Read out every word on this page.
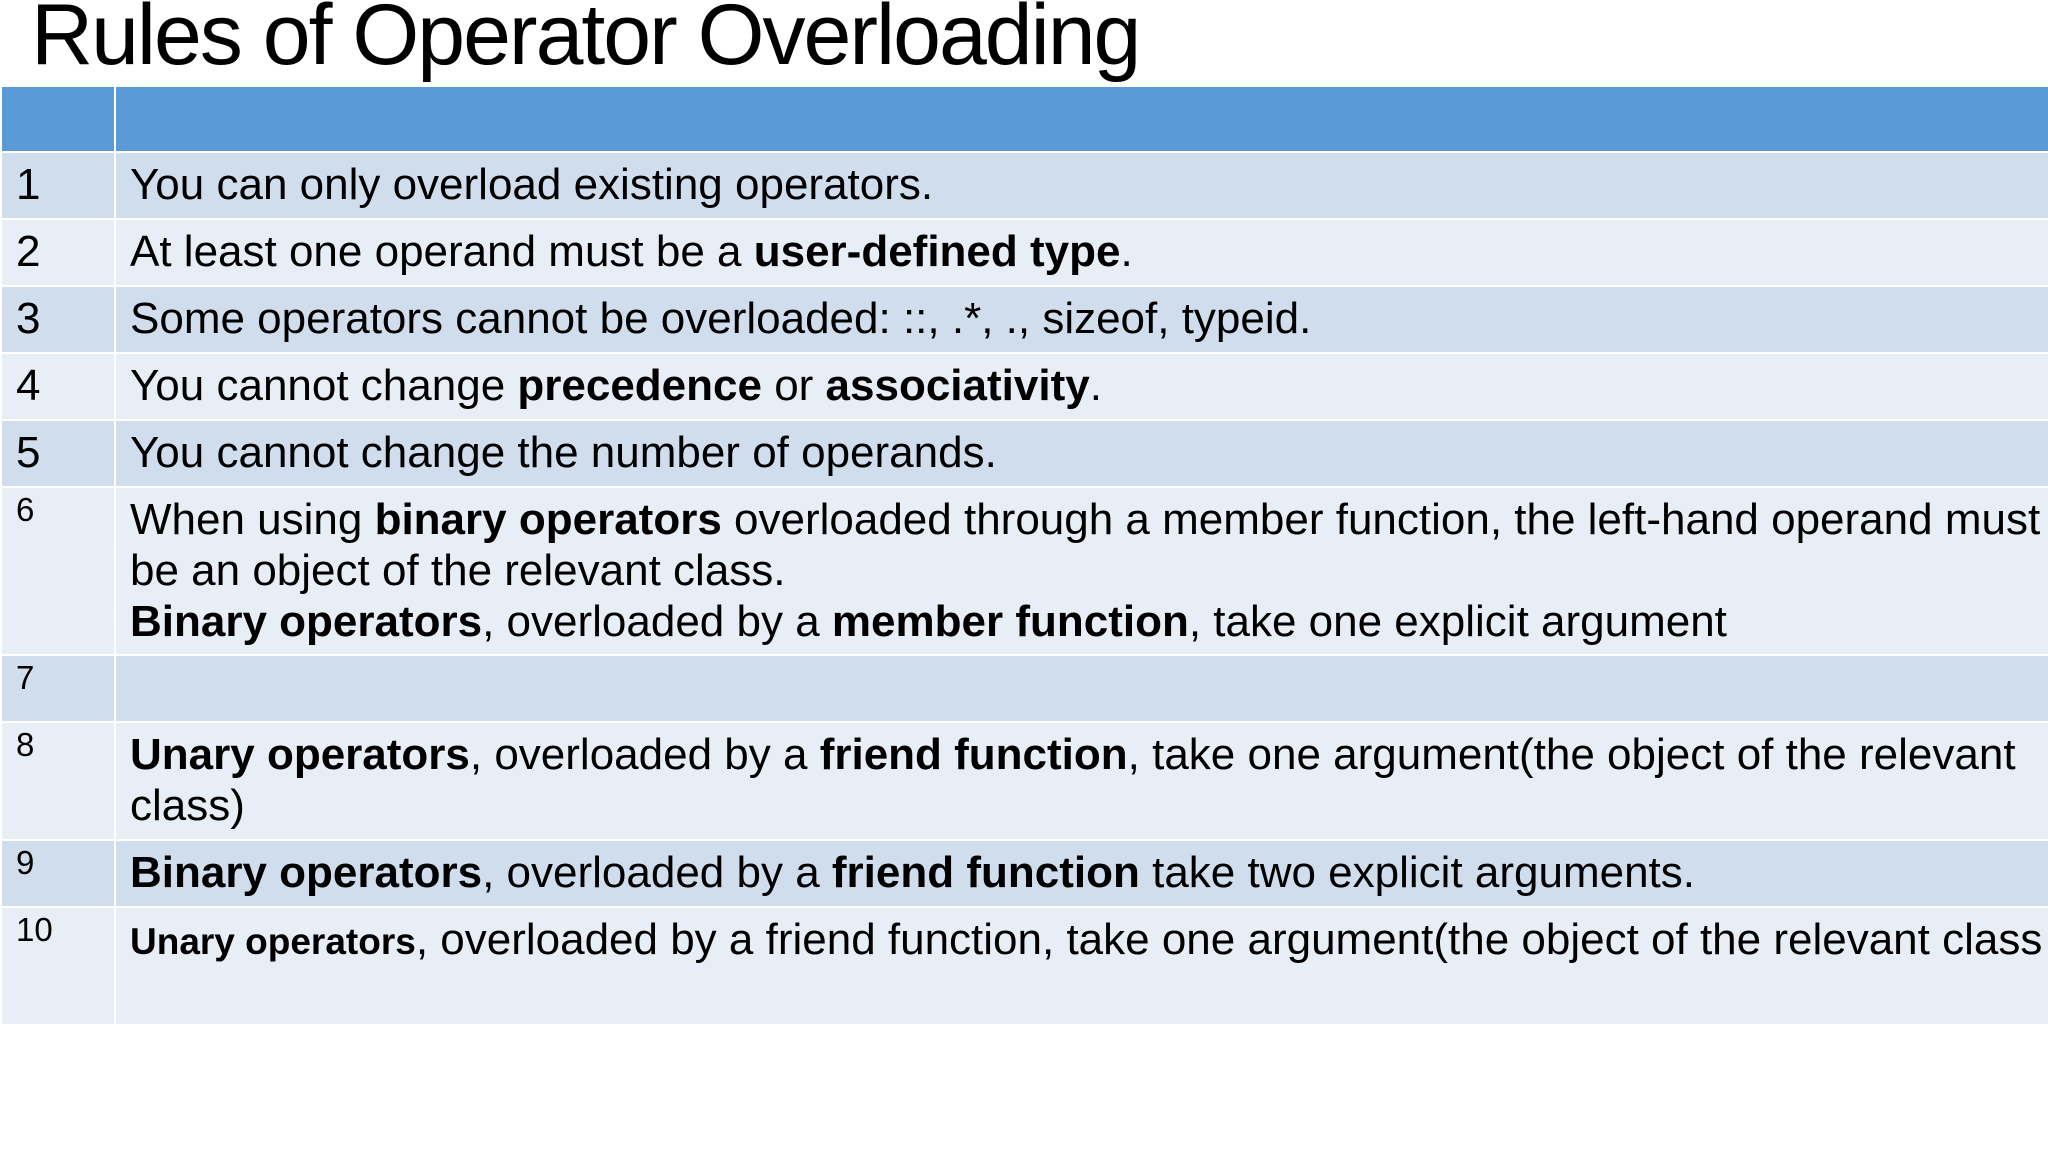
Rules of Operator Overloading

1	You can only overload existing operators.
2	At least one operand must be a user-defined type.
3	Some operators cannot be overloaded: ::, .*, ., sizeof, typeid.
4	You cannot change precedence or associativity.
5	You cannot change the number of operands.
6	When using binary operators overloaded through a member function, the left-hand operand must be an object of the relevant class.
Binary operators, overloaded by a member function, take one explicit argument

7	
8	Unary operators, overloaded by a friend function, take one argument(the object of the relevant class)
9	Binary operators, overloaded by a friend function take two explicit arguments.
10	Unary operators, overloaded by a friend function, take one argument(the object of the relevant class
